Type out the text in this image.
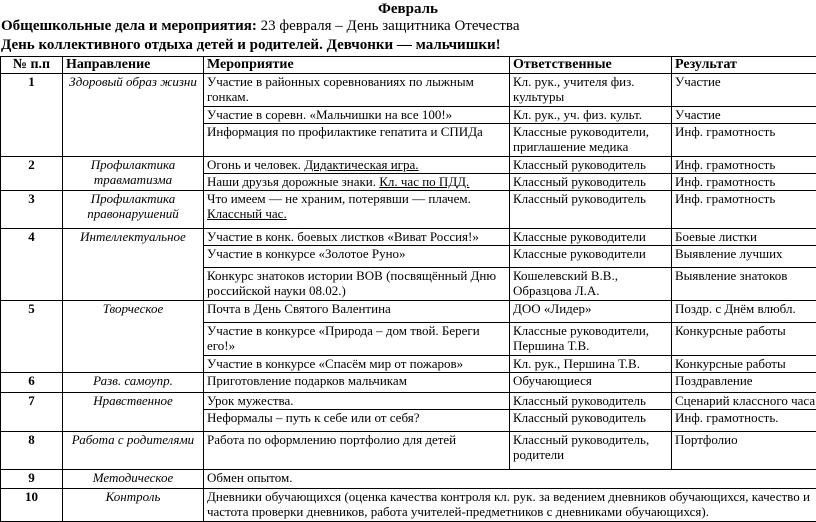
Февраль
Общешкольные дела и мероприятия: 23 февраля – День защитника Отечества
День коллективного отдыха детей и родителей. Девчонки — мальчишки!
№ п.п	Направление	Мероприятие	Ответственные	Результат
1	Здоровый образ жизни	Участие в районных соревнованиях по лыжным гонкам.	Кл. рук., учителя физ. культуры	Участие
		Участие в соревн. «Мальчишки на все 100!»	Кл. рук., уч. физ. культ.	Участие
		Информация по профилактике гепатита и СПИДа	Классные руководители, приглашение медика	Инф. грамотность
2	Профилактика травматизма	Огонь и человек. Дидактическая игра.	Классный руководитель	Инф. грамотность
		Наши друзья дорожные знаки. Кл. час по ПДД.	Классный руководитель	Инф. грамотность
3	Профилактика правонарушений	Что имеем — не храним, потерявши — плачем. Классный час.	Классный руководитель	Инф. грамотность
4	Интеллектуальное	Участие в конк. боевых листков «Виват Россия!»	Классные руководители	Боевые листки
		Участие в конкурсе «Золотое Руно»	Классные руководители	Выявление лучших
		Конкурс знатоков истории ВОВ (посвящённый Дню российской науки 08.02.)	Кошелевский В.В., Образцова Л.А.	Выявление знатоков
5	Творческое	Почта в День Святого Валентина	ДОО «Лидер»	Поздр. с Днём влюбл.
		Участие в конкурсе «Природа – дом твой. Береги его!»	Классные руководители, Першина Т.В.	Конкурсные работы
		Участие в конкурсе «Спасём мир от пожаров»	Кл. рук., Першина Т.В.	Конкурсные работы
6	Разв. самоупр.	Приготовление подарков мальчикам	Обучающиеся	Поздравление
7	Нравственное	Урок мужества.	Классный руководитель	Сценарий классного часа
		Неформалы – путь к себе или от себя?	Классный руководитель	Инф. грамотность.
8	Работа с родителями	Работа по оформлению портфолио для детей	Классный руководитель, родители	Портфолио
9	Методическое	Обмен опытом.		
10	Контроль	Дневники обучающихся (оценка качества контроля кл. рук. за ведением дневников обучающихся, качество и частота проверки дневников, работа учителей-предметников с дневниками обучающихся).		
